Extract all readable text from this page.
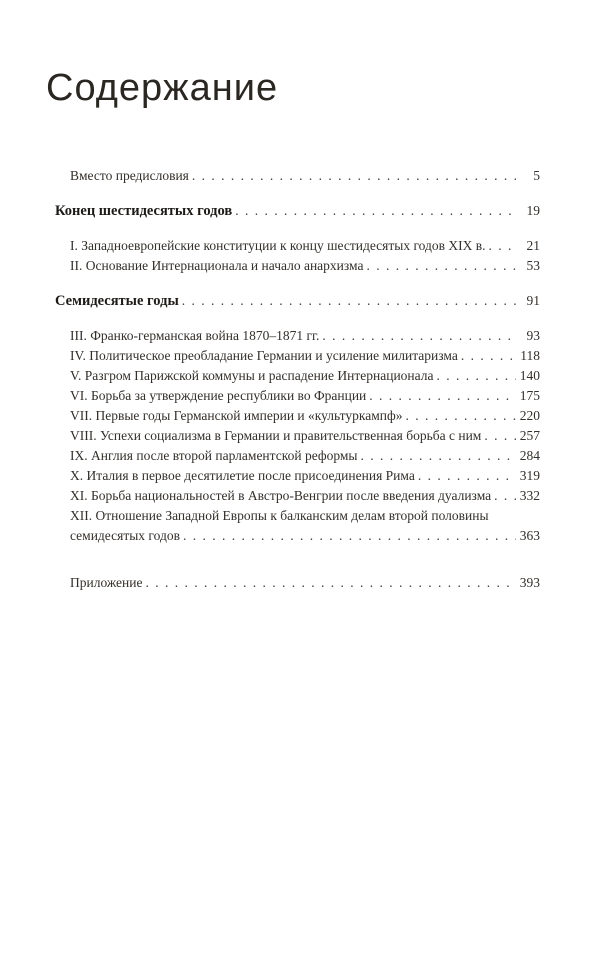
Содержание
Вместо предисловия . . .	5
Конец шестидесятых годов . . .	19
I. Западноевропейские конституции к концу шестидесятых годов XIX в. . . .	21
II. Основание Интернационала и начало анархизма . . .	53
Семидесятые годы . . .	91
III. Франко-германская война 1870–1871 гг. . . .	93
IV. Политическое преобладание Германии и усиление милитаризма . . .	118
V. Разгром Парижской коммуны и распадение Интернационала . . .	140
VI. Борьба за утверждение республики во Франции . . .	175
VII. Первые годы Германской империи и «культуркампф» . . .	220
VIII. Успехи социализма в Германии и правительственная борьба с ним . . .	257
IX. Англия после второй парламентской реформы . . .	284
X. Италия в первое десятилетие после присоединения Рима . . .	319
XI. Борьба национальностей в Австро-Венгрии после введения дуализма . . . 332
XII. Отношение Западной Европы к балканским делам второй половины
семидесятых годов . . .	363
Приложение . . .	393
